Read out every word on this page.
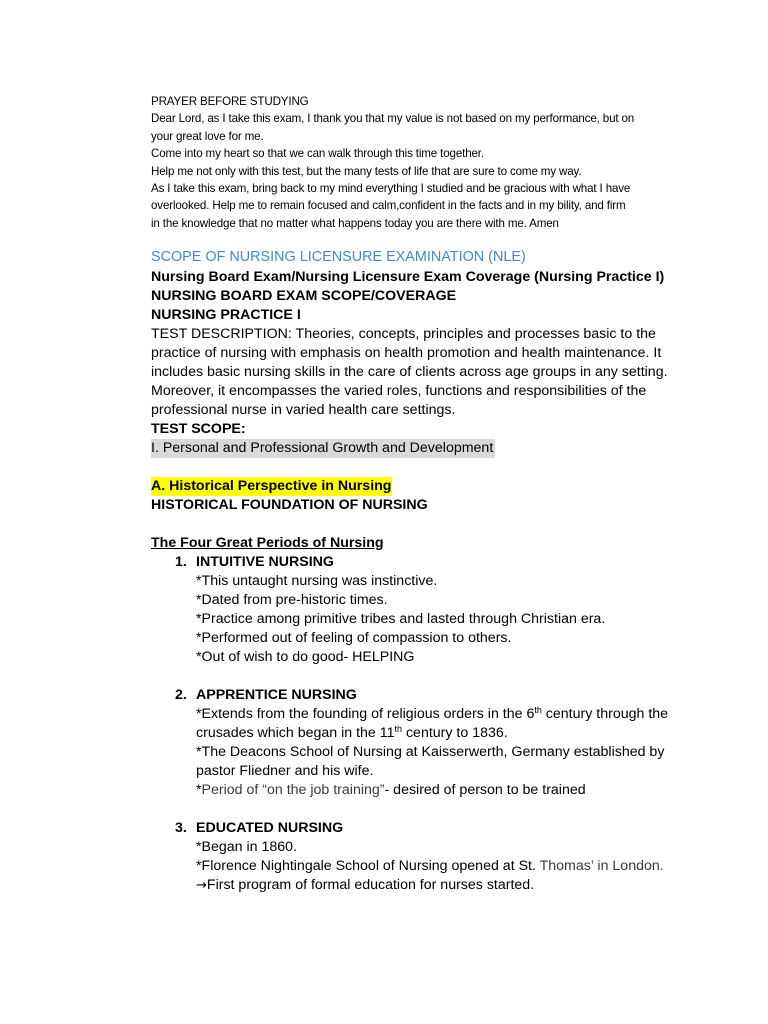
PRAYER BEFORE STUDYING
Dear Lord, as I take this exam, I thank you that my value is not based on my performance, but on
your great love for me.
Come into my heart so that we can walk through this time together.
Help me not only with this test, but the many tests of life that are sure to come my way.
As I take this exam, bring back to my mind everything I studied and be gracious with what I have
overlooked. Help me to remain focused and calm,confident in the facts and in my bility, and firm
in the knowledge that no matter what happens today you are there with me. Amen
SCOPE OF NURSING LICENSURE EXAMINATION (NLE)
Nursing Board Exam/Nursing Licensure Exam Coverage (Nursing Practice I)
NURSING BOARD EXAM SCOPE/COVERAGE
NURSING PRACTICE I
TEST DESCRIPTION: Theories, concepts, principles and processes basic to the
practice of nursing with emphasis on health promotion and health maintenance. It
includes basic nursing skills in the care of clients across age groups in any setting.
Moreover, it encompasses the varied roles, functions and responsibilities of the
professional nurse in varied health care settings.
TEST SCOPE:
I. Personal and Professional Growth and Development
A. Historical Perspective in Nursing
HISTORICAL FOUNDATION OF NURSING
The Four Great Periods of Nursing
1. INTUITIVE NURSING
*This untaught nursing was instinctive.
*Dated from pre-historic times.
*Practice among primitive tribes and lasted through Christian era.
*Performed out of feeling of compassion to others.
*Out of wish to do good- HELPING
2. APPRENTICE NURSING
*Extends from the founding of religious orders in the 6th century through the
crusades which began in the 11th century to 1836.
*The Deacons School of Nursing at Kaisserwerth, Germany established by
pastor Fliedner and his wife.
*Period of “on the job training”- desired of person to be trained
3. EDUCATED NURSING
*Began in 1860.
*Florence Nightingale School of Nursing opened at St. Thomas’ in London.
→First program of formal education for nurses started.
